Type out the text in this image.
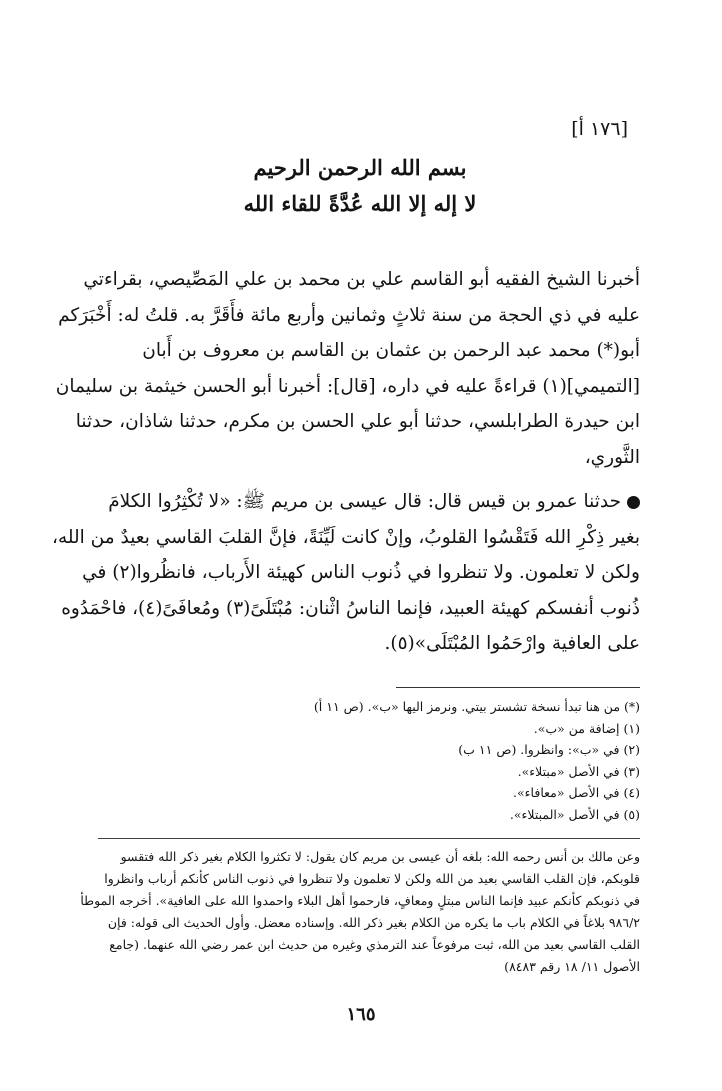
[١٧٦ أ]
بسم الله الرحمن الرحيم
لا إله إلا الله عُدَّةً للقاء الله
أخبرنا الشيخ الفقيه أبو القاسم علي بن محمد بن علي المَصِّيصي، بقراءتي
عليه في ذي الحجة من سنة ثلاثٍ وثمانين وأربع مائة فأَقَرَّ به. قلتُ له: أَخْبَرَكم
أبو(*) محمد عبد الرحمن بن عثمان بن القاسم بن معروف بن أَبان
[التميمي](١) قراءةً عليه في داره، [قال]: أخبرنا أبو الحسن خيثمة بن سليمان
ابن حيدرة الطرابلسي، حدثنا أبو علي الحسن بن مكرم، حدثنا شاذان، حدثنا
الثَّوري،
حدثنا عمرو بن قيس قال: قال عيسى بن مريم ﷺ: «لا تُكْثِرُوا الكلامَ
بغير ذِكْرِ الله فَتَقْسُوا القلوبُ، وإنْ كانت لَيِّنَةً، فإنَّ القلبَ القاسي بعيدٌ من الله،
ولكن لا تعلمون. ولا تنظروا في ذُنوب الناس كهيئة الأَرباب، فانظُروا(٢) في
ذُنوب أنفسكم كهيئة العبيد، فإنما الناسُ اثْنان: مُبْتَلَىً(٣) ومُعافَىً(٤)، فاحْمَدُوه
على العافية وارْحَمُوا المُبْتَلَى»(٥).
(*) من هنا تبدأ نسخة تشستر بيتي. ونرمز اليها «ب». (ص ١١ أ)
(١) إضافة من «ب».
(٢) في «ب»: وانظروا. (ص ١١ ب)
(٣) في الأصل «مبتلاء».
(٤) في الأصل «معافاء».
(٥) في الأصل «المبتلاء».
وعن مالك بن أنس رحمه الله: بلغه أن عيسى بن مريم كان يقول: لا تكثروا الكلام بغير ذكر الله فتقسو
قلوبكم، فإن القلب القاسي بعيد من الله ولكن لا تعلمون ولا تنظروا في ذنوب الناس كأنكم أرباب وانظروا
في ذنوبكم كأنكم عبيد فإنما الناس مبتلٍ ومعافٍ، فارحموا أهل البلاء واحمدوا الله على العافية». أخرجه الموطأ
٩٨٦/٢ بلاغاً في الكلام باب ما يكره من الكلام بغير ذكر الله. وإسناده معضل. وأول الحديث الى قوله: فإن
القلب القاسي بعيد من الله، ثبت مرفوعاً عند الترمذي وغيره من حديث ابن عمر رضي الله عنهما. (جامع
الأصول ١١/ ١٨ رقم ٨٤٨٣)
١٦٥
